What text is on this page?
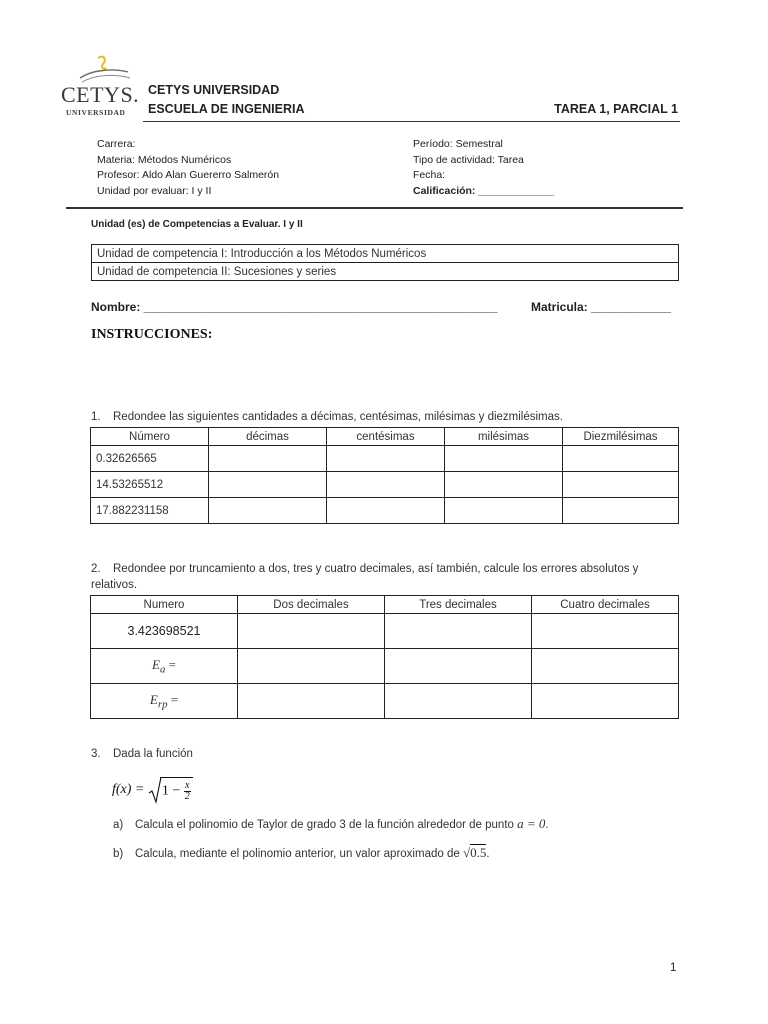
CETYS.
UNIVERSIDAD
CETYS UNIVERSIDAD
ESCUELA DE INGENIERIA	TAREA 1, PARCIAL 1
Carrera:
Materia: Métodos Numéricos
Profesor: Aldo Alan Guererro Salmerón
Unidad por evaluar: I y II
Período: Semestral
Tipo de actividad: Tarea
Fecha:
Calificación: _____________
Unidad (es) de Competencias a Evaluar. I y II
Unidad de competencia I: Introducción a los Métodos Numéricos
Unidad de competencia II: Sucesiones y series
Nombre: _____________________________________________________	Matricula: ____________
INSTRUCCIONES:
1. Redondee las siguientes cantidades a décimas, centésimas, milésimas y diezmilésimas.
Número	décimas	centésimas	milésimas	Diezmilésimas
0.32626565				
14.53265512				
17.882231158				
2. Redondee por truncamiento a dos, tres y cuatro decimales, así también, calcule los errores absolutos y relativos.
Numero	Dos decimales	Tres decimales	Cuatro decimales
3.423698521			
$E_a$ =			
$E_{rp}$ =			
3. Dada la función
$f(x) = 1 - \frac{x}{2}$
a) Calcula el polinomio de Taylor de grado 3 de la función alrededor de punto a = 0.
b) Calcula, mediante el polinomio anterior, un valor aproximado de √0.5.
1
